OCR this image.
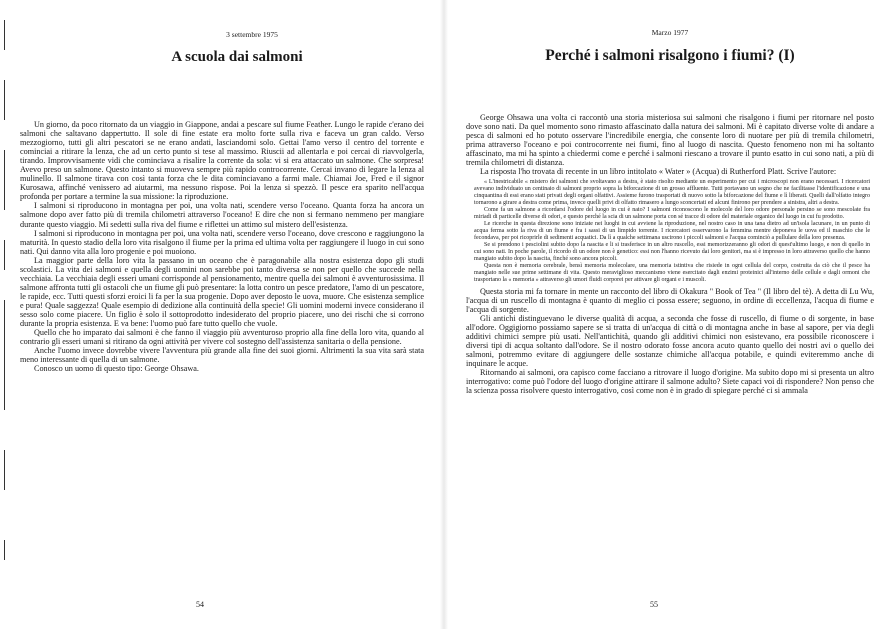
3 settembre 1975

A scuola dai salmoni

Un giorno, da poco ritornato da un viaggio in Giappone, andai a pescare sul fiume Feather. Lungo le rapide c'erano dei salmoni che saltavano dappertutto. Il sole di fine estate era molto forte sulla riva e faceva un gran caldo. Verso mezzogiorno, tutti gli altri pescatori se ne erano andati, lasciandomi solo. Gettai l'amo verso il centro del torrente e cominciai a ritirare la lenza, che ad un certo punto si tese al massimo. Riuscii ad allentarla e poi cercai di riavvolgerla, tirando. Improvvisamente vidi che cominciava a risalire la corrente da sola: vi si era attaccato un salmone. Che sorpresa! Avevo preso un salmone. Questo intanto si muoveva sempre più rapido controcorrente. Cercai invano di legare la lenza al mulinello. Il salmone tirava con così tanta forza che le dita cominciavano a farmi male. Chiamai Joe, Fred e il signor Kurosawa, affinché venissero ad aiutarmi, ma nessuno rispose. Poi la lenza si spezzò. Il pesce era sparito nell'acqua profonda per portare a termine la sua missione: la riproduzione.

I salmoni si riproducono in montagna per poi, una volta nati, scendere verso l'oceano. Quanta forza ha ancora un salmone dopo aver fatto più di tremila chilometri attraverso l'oceano! E dire che non si fermano nemmeno per mangiare durante questo viaggio. Mi sedetti sulla riva del fiume e riflettei un attimo sul mistero dell'esistenza.

I salmoni si riproducono in montagna per poi, una volta nati, scendere verso l'oceano, dove crescono e raggiungono la maturità. In questo stadio della loro vita risalgono il fiume per la prima ed ultima volta per raggiungere il luogo in cui sono nati. Qui danno vita alla loro progenie e poi muoiono.

La maggior parte della loro vita la passano in un oceano che è paragonabile alla nostra esistenza dopo gli studi scolastici. La vita dei salmoni e quella degli uomini non sarebbe poi tanto diversa se non per quello che succede nella vecchiaia. La vecchiaia degli esseri umani corrisponde al pensionamento, mentre quella dei salmoni è avventurosissima. Il salmone affronta tutti gli ostacoli che un fiume gli può presentare: la lotta contro un pesce predatore, l'amo di un pescatore, le rapide, ecc. Tutti questi sforzi eroici li fa per la sua progenie. Dopo aver deposto le uova, muore. Che esistenza semplice e pura! Quale saggezza! Quale esempio di dedizione alla continuità della specie! Gli uomini moderni invece considerano il sesso solo come piacere. Un figlio è solo il sottoprodotto indesiderato del proprio piacere, uno dei rischi che si corrono durante la propria esistenza. E va bene: l'uomo può fare tutto quello che vuole.

Quello che ho imparato dai salmoni è che fanno il viaggio più avventuroso proprio alla fine della loro vita, quando al contrario gli esseri umani si ritirano da ogni attività per vivere col sostegno dell'assistenza sanitaria o della pensione.

Anche l'uomo invece dovrebbe vivere l'avventura più grande alla fine dei suoi giorni. Altrimenti la sua vita sarà stata meno interessante di quella di un salmone.

Conosco un uomo di questo tipo: George Ohsawa.

54

Marzo 1977

Perché i salmoni risalgono i fiumi? (I)

George Ohsawa una volta ci raccontò una storia misteriosa sui salmoni che risalgono i fiumi per ritornare nel posto dove sono nati. Da quel momento sono rimasto affascinato dalla natura dei salmoni. Mi è capitato diverse volte di andare a pesca di salmoni ed ho potuto osservare l'incredibile energia, che consente loro di nuotare per più di tremila chilometri, prima attraverso l'oceano e poi controcorrente nei fiumi, fino al luogo di nascita. Questo fenomeno non mi ha soltanto affascinato, ma mi ha spinto a chiedermi come e perché i salmoni riescano a trovare il punto esatto in cui sono nati, a più di tremila chilometri di distanza.

La risposta l'ho trovata di recente in un libro intitolato « Water » (Acqua) di Rutherford Platt. Scrive l'autore:

« L'inestricabile « mistero dei salmoni che svoltavano a destra, è stato risolto mediante un esperimento per cui i microscopi non erano necessari. I ricercatori avevano individuato un centinaio di salmoni proprio sopra la biforcazione di un grosso affluente. Tutti portavano un segno che ne facilitasse l'identificazione e una cinquantina di essi erano stati privati degli organi olfattivi. Assieme furono trasportati di nuovo sotto la biforcazione del fiume e lì liberati. Quelli dall'olfatto integro tornarono a girare a destra come prima, invece quelli privi di olfatto rimasero a lungo sconcertati ed alcuni finirono per prendere a sinistra, altri a destra.

Come fa un salmone a ricordarsi l'odore del luogo in cui è nato? I salmoni riconoscono le molecole del loro odore personale persino se sono mescolate fra miriadi di particelle diverse di odori, e questo perché la scia di un salmone porta con sé tracce di odore del materiale organico del luogo in cui fu prodotto.

Le ricerche in questa direzione sono iniziate nei luoghi in cui avviene la riproduzione, nel nostro caso in una tana dietro ad un'isola lacunare, in un punto di acqua ferma sotto la riva di un fiume e fra i sassi di un limpido torrente. I ricercatori osservarono la femmina mentre deponeva le uova ed il maschio che le fecondava, per poi ricoprirle di sedimenti acquatici. Da lì a qualche settimana uscirono i piccoli salmoni e l'acqua cominciò a pullulare della loro presenza.

Se si prendono i pesciolini subito dopo la nascita e li si trasferisce in un altro ruscello, essi memorizzeranno gli odori di quest'ultimo luogo, e non di quello in cui sono nati. In poche parole, il ricordo di un odore non è genetico: essi non l'hanno ricevuto dai loro genitori, ma si è impresso in loro attraverso quello che hanno mangiato subito dopo la nascita, finché sono ancora piccoli.

Questa non è memoria cerebrale, bensì memoria molecolare, una memoria istintiva che risiede in ogni cellula del corpo, costruita da ciò che il pesce ha mangiato nelle sue prime settimane di vita. Questo meraviglioso meccanismo viene esercitato dagli enzimi proteinici all'interno delle cellule e dagli ormoni che trasportano la « memoria » attraverso gli umori fluidi corporei per attivare gli organi e i muscoli.

Questa storia mi fa tornare in mente un racconto del libro di Okakura " Book of Tea " (Il libro del tè). A detta di Lu Wu, l'acqua di un ruscello di montagna è quanto di meglio ci possa essere; seguono, in ordine di eccellenza, l'acqua di fiume e l'acqua di sorgente.

Gli antichi distinguevano le diverse qualità di acqua, a seconda che fosse di ruscello, di fiume o di sorgente, in base all'odore. Oggigiorno possiamo sapere se si tratta di un'acqua di città o di montagna anche in base al sapore, per via degli additivi chimici sempre più usati. Nell'antichità, quando gli additivi chimici non esistevano, era possibile riconoscere i diversi tipi di acqua soltanto dall'odore. Se il nostro odorato fosse ancora acuto quanto quello dei nostri avi o quello dei salmoni, potremmo evitare di aggiungere delle sostanze chimiche all'acqua potabile, e quindi eviteremmo anche di inquinare le acque.

Ritornando ai salmoni, ora capisco come facciano a ritrovare il luogo d'origine. Ma subito dopo mi si presenta un altro interrogativo: come può l'odore del luogo d'origine attirare il salmone adulto? Siete capaci voi di rispondere? Non penso che la scienza possa risolvere questo interrogativo, così come non è in grado di spiegare perché ci si ammala

55
